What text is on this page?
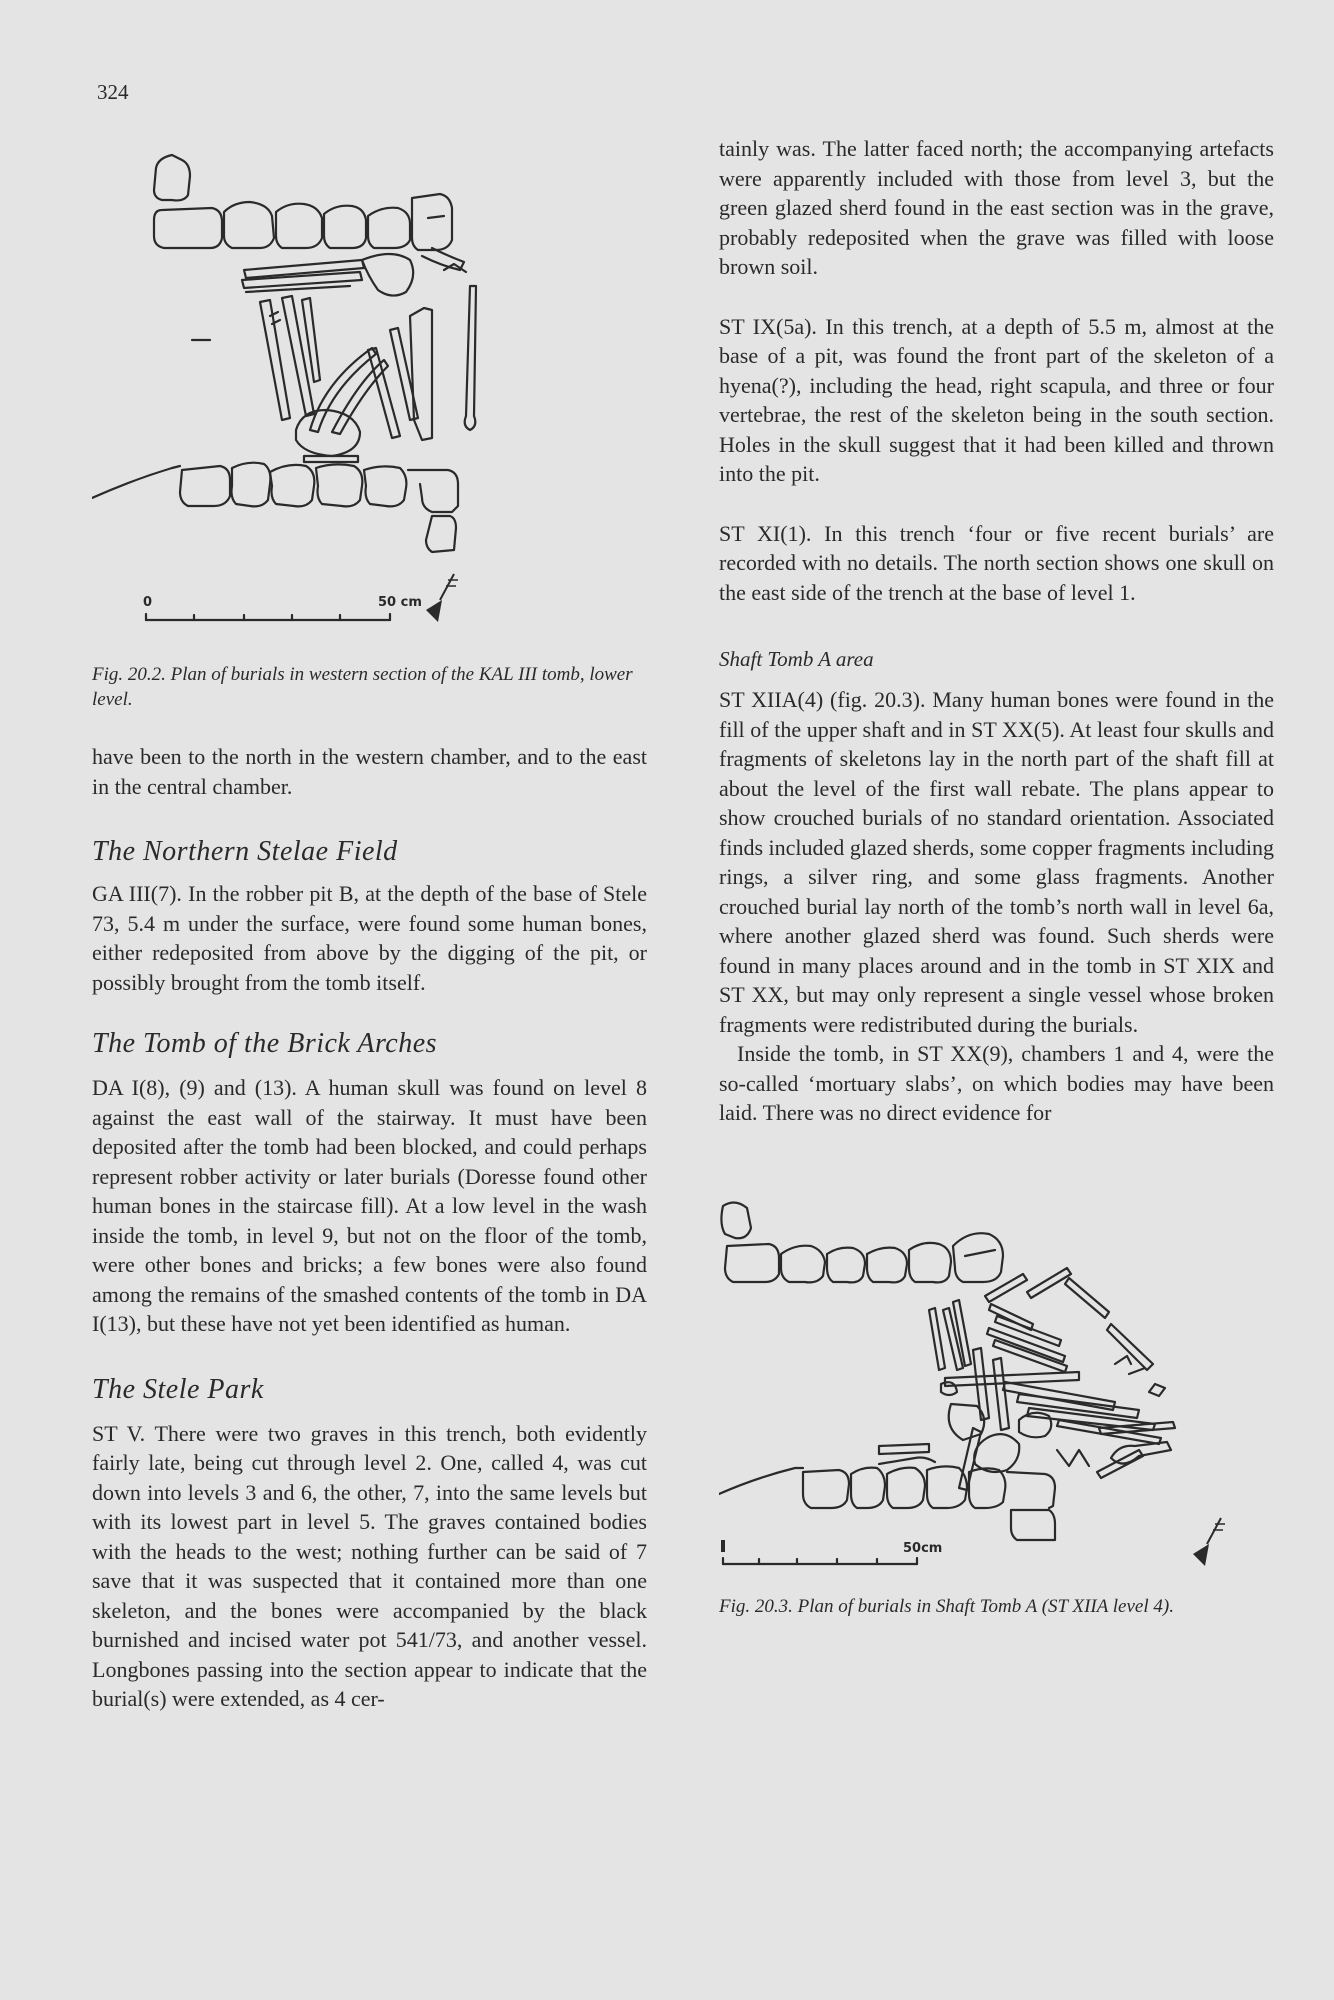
324
0	50 cm
Fig. 20.2. Plan of burials in western section of the KAL III tomb, lower level.

have been to the north in the western chamber, and to the east in the central chamber.

The Northern Stelae Field

GA III(7). In the robber pit B, at the depth of the base of Stele 73, 5.4 m under the surface, were found some human bones, either redeposited from above by the digging of the pit, or possibly brought from the tomb itself.

The Tomb of the Brick Arches

DA I(8), (9) and (13). A human skull was found on level 8 against the east wall of the stairway. It must have been deposited after the tomb had been blocked, and could perhaps represent robber activity or later burials (Doresse found other human bones in the staircase fill). At a low level in the wash inside the tomb, in level 9, but not on the floor of the tomb, were other bones and bricks; a few bones were also found among the remains of the smashed contents of the tomb in DA I(13), but these have not yet been identified as human.

The Stele Park

ST V. There were two graves in this trench, both evidently fairly late, being cut through level 2. One, called 4, was cut down into levels 3 and 6, the other, 7, into the same levels but with its lowest part in level 5. The graves contained bodies with the heads to the west; nothing further can be said of 7 save that it was suspected that it contained more than one skeleton, and the bones were accompanied by the black burnished and incised water pot 541/73, and another vessel. Longbones passing into the section appear to indicate that the burial(s) were extended, as 4 cer-

tainly was. The latter faced north; the accompanying artefacts were apparently included with those from level 3, but the green glazed sherd found in the east section was in the grave, probably redeposited when the grave was filled with loose brown soil.

ST IX(5a). In this trench, at a depth of 5.5 m, almost at the base of a pit, was found the front part of the skeleton of a hyena(?), including the head, right scapula, and three or four vertebrae, the rest of the skeleton being in the south section. Holes in the skull suggest that it had been killed and thrown into the pit.

ST XI(1). In this trench ‘four or five recent burials’ are recorded with no details. The north section shows one skull on the east side of the trench at the base of level 1.

Shaft Tomb A area

ST XIIA(4) (fig. 20.3). Many human bones were found in the fill of the upper shaft and in ST XX(5). At least four skulls and fragments of skeletons lay in the north part of the shaft fill at about the level of the first wall rebate. The plans appear to show crouched burials of no standard orientation. Associated finds included glazed sherds, some copper fragments including rings, a silver ring, and some glass fragments. Another crouched burial lay north of the tomb’s north wall in level 6a, where another glazed sherd was found. Such sherds were found in many places around and in the tomb in ST XIX and ST XX, but may only represent a single vessel whose broken fragments were redistributed during the burials.

Inside the tomb, in ST XX(9), chambers 1 and 4, were the so-called ‘mortuary slabs’, on which bodies may have been laid. There was no direct evidence for

50cm
Fig. 20.3. Plan of burials in Shaft Tomb A (ST XIIA level 4).
